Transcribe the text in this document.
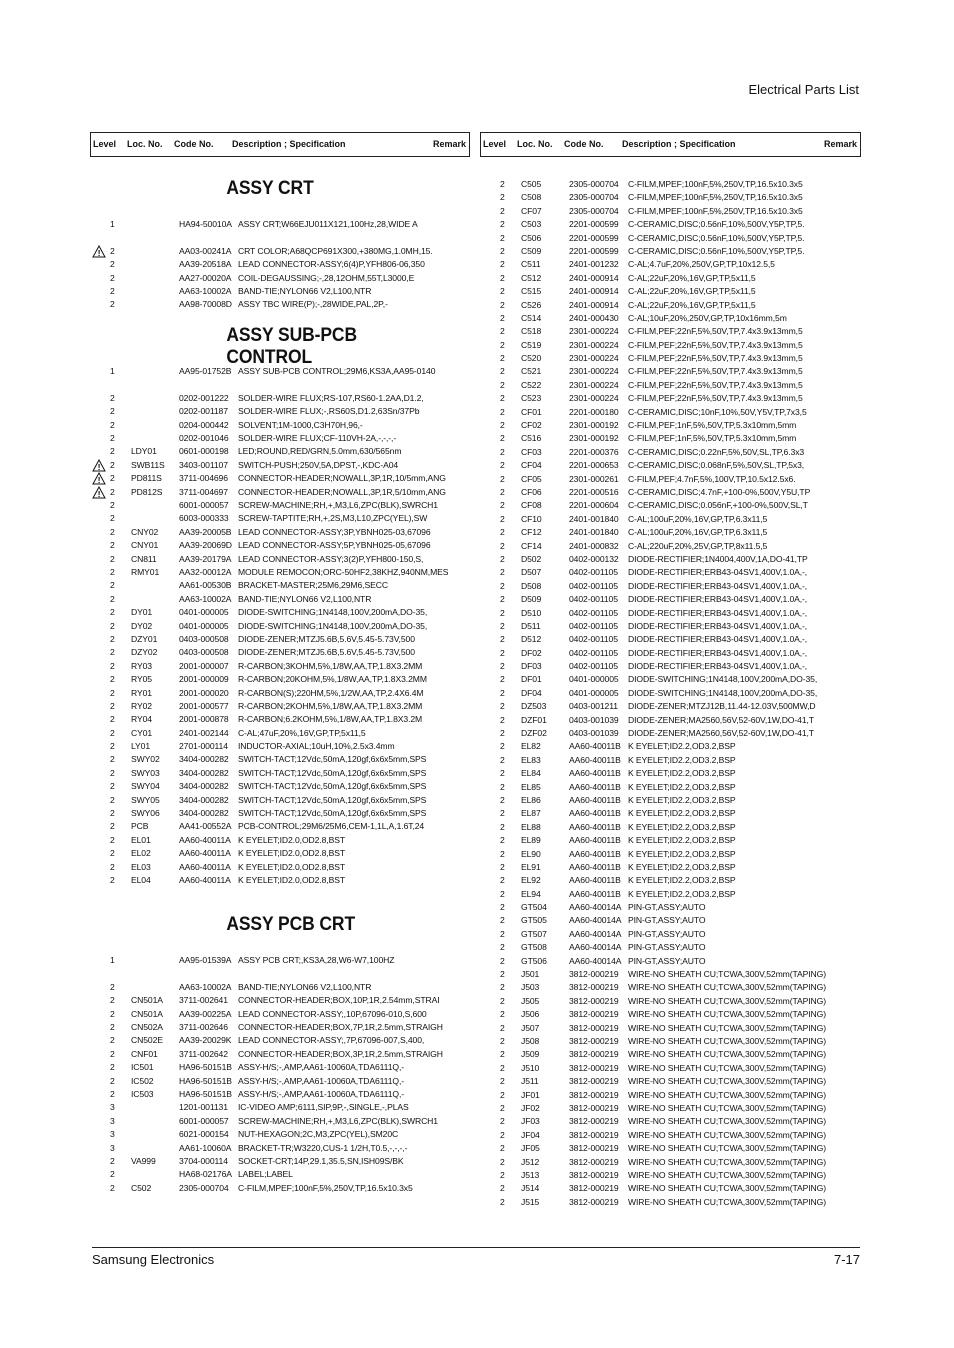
Electrical Parts List
Level Loc. No. Code No. Description ; Specification	Remark Level Loc. No. Code No. Description ; Specification	Remark
ASSY CRT
1	HA94-50010A ASSY CRT;W66EJU011X121,100Hz,28,WIDE A
! 2	AA03-00241A CRT COLOR;A68QCP691X300,+380MG,1.0MH,15.
2	AA39-20518A LEAD CONNECTOR-ASSY;6(4)P,YFH806-06,350
2	AA27-00020A COIL-DEGAUSSING;-,28,12OHM,55T,L3000,E
2	AA63-10002A BAND-TIE;NYLON66 V2,L100,NTR
2	AA98-70008D ASSY TBC WIRE(P);-,28WIDE,PAL,2P,-
ASSY SUB-PCB CONTROL
1	AA95-01752B ASSY SUB-PCB CONTROL;29M6,KS3A,AA95-0140
2	0202-001222 SOLDER-WIRE FLUX;RS-107,RS60-1.2AA,D1.2,
2	0202-001187 SOLDER-WIRE FLUX;-,RS60S,D1.2,63Sn/37Pb
2	0204-000442 SOLVENT;1M-1000,C3H70H,96,-
2	0202-001046 SOLDER-WIRE FLUX;CF-110VH-2A,-,-,-,-
2 LDY01	0601-000198 LED;ROUND,RED/GRN,5.0mm,630/565nm
! 2 SWB11S 3403-001107 SWITCH-PUSH;250V,5A,DPST,-,KDC-A04
! 2 PD811S 3711-004696 CONNECTOR-HEADER;NOWALL,3P,1R,10/5mm,ANG
! 2 PD812S 3711-004697 CONNECTOR-HEADER;NOWALL,3P,1R,5/10mm,ANG
2	6001-000057 SCREW-MACHINE;RH,+,M3,L6,ZPC(BLK),SWRCH1
2	6003-000333 SCREW-TAPTITE;RH,+,2S,M3,L10,ZPC(YEL),SW
2 CNY02 AA39-20005B LEAD CONNECTOR-ASSY;3P,YBNH025-03,67096
2 CNY01 AA39-20069D LEAD CONNECTOR-ASSY;5P,YBNH025-05,67096
2 CN811	AA39-20179A LEAD CONNECTOR-ASSY;3(2)P,YFH800-150,S,
2 RMY01 AA32-00012A MODULE REMOCON;ORC-50HF2,38KHZ,940NM,MES
2	AA61-00530B BRACKET-MASTER;25M6,29M6,SECC
2	AA63-10002A BAND-TIE;NYLON66 V2,L100,NTR
2 DY01	0401-000005 DIODE-SWITCHING;1N4148,100V,200mA,DO-35,
2 DY02	0401-000005 DIODE-SWITCHING;1N4148,100V,200mA,DO-35,
2 DZY01	0403-000508 DIODE-ZENER;MTZJ5.6B,5.6V,5.45-5.73V,500
2 DZY02	0403-000508 DIODE-ZENER;MTZJ5.6B,5.6V,5.45-5.73V,500
2 RY03	2001-000007 R-CARBON;3KOHM,5%,1/8W,AA,TP,1.8X3.2MM
2 RY05	2001-000009 R-CARBON;20KOHM,5%,1/8W,AA,TP,1.8X3.2MM
2 RY01	2001-000020 R-CARBON(S);220HM,5%,1/2W,AA,TP,2.4X6.4M
2 RY02	2001-000577 R-CARBON;2KOHM,5%,1/8W,AA,TP,1.8X3.2MM
2 RY04	2001-000878 R-CARBON;6.2KOHM,5%,1/8W,AA,TP,1.8X3.2M
2 CY01	2401-002144 C-AL;47uF,20%,16V,GP,TP,5x11,5
2 LY01	2701-000114 INDUCTOR-AXIAL;10uH,10%,2.5x3.4mm
2 SWY02 3404-000282 SWITCH-TACT;12Vdc,50mA,120gf,6x6x5mm,SPS
2 SWY03 3404-000282 SWITCH-TACT;12Vdc,50mA,120gf,6x6x5mm,SPS
2 SWY04 3404-000282 SWITCH-TACT;12Vdc,50mA,120gf,6x6x5mm,SPS
2 SWY05 3404-000282 SWITCH-TACT;12Vdc,50mA,120gf,6x6x5mm,SPS
2 SWY06 3404-000282 SWITCH-TACT;12Vdc,50mA,120gf,6x6x5mm,SPS
2 PCB	AA41-00552A PCB-CONTROL;29M6/25M6,CEM-1,1L,A,1.6T,24
2 EL01	AA60-40011A K EYELET;ID2.0,OD2.8,BST
2 EL02	AA60-40011A K EYELET;ID2.0,OD2.8,BST
2 EL03	AA60-40011A K EYELET;ID2.0,OD2.8,BST
2 EL04	AA60-40011A K EYELET;ID2.0,OD2.8,BST
ASSY PCB CRT
1	AA95-01539A ASSY PCB CRT;,KS3A,28,W6-W7,100HZ
2	AA63-10002A BAND-TIE;NYLON66 V2,L100,NTR
2 CN501A 3711-002641 CONNECTOR-HEADER;BOX,10P,1R,2.54mm,STRAI
2 CN501A AA39-00225A LEAD CONNECTOR-ASSY;,10P,67096-010,S,600
2 CN502A 3711-002646 CONNECTOR-HEADER;BOX,7P,1R,2.5mm,STRAIGH
2 CN502E AA39-20029K LEAD CONNECTOR-ASSY;,7P,67096-007,S,400,
2 CNF01 3711-002642 CONNECTOR-HEADER;BOX,3P,1R,2.5mm,STRAIGH
2 IC501	HA96-50151B ASSY-H/S;-,AMP,AA61-10060A,TDA6111Q,-
2 IC502	HA96-50151B ASSY-H/S;-,AMP,AA61-10060A,TDA6111Q,-
2 IC503	HA96-50151B ASSY-H/S;-,AMP,AA61-10060A,TDA6111Q,-
3	1201-001131 IC-VIDEO AMP;6111,SIP,9P,-,SINGLE,-,PLAS
3	6001-000057 SCREW-MACHINE;RH,+,M3,L6,ZPC(BLK),SWRCH1
3	6021-000154 NUT-HEXAGON;2C,M3,ZPC(YEL),SM20C
3	AA61-10060A BRACKET-TR;W3220,CUS-1 1/2H,T0.5,-,-,-,-
2 VA999	3704-000114 SOCKET-CRT;14P,29.1,35.5,SN,ISH09S/BK
2	HA68-02176A LABEL;LABEL
2 C502	2305-000704 C-FILM,MPEF;100nF,5%,250V,TP,16.5x10.3x5
2 C505	2305-000704 C-FILM,MPEF;100nF,5%,250V,TP,16.5x10.3x5
2 C508	2305-000704 C-FILM,MPEF;100nF,5%,250V,TP,16.5x10.3x5
2 CF07	2305-000704 C-FILM,MPEF;100nF,5%,250V,TP,16.5x10.3x5
2 C503	2201-000599 C-CERAMIC,DISC;0.56nF,10%,500V,Y5P,TP,5.
2 C506	2201-000599 C-CERAMIC,DISC;0.56nF,10%,500V,Y5P,TP,5.
2 C509	2201-000599 C-CERAMIC,DISC;0.56nF,10%,500V,Y5P,TP,5.
2 C511	2401-001232 C-AL;4.7uF,20%,250V,GP,TP,10x12.5,5
2 C512	2401-000914 C-AL;22uF,20%,16V,GP,TP,5x11,5
2 C515	2401-000914 C-AL;22uF,20%,16V,GP,TP,5x11,5
2 C526	2401-000914 C-AL;22uF,20%,16V,GP,TP,5x11,5
2 C514	2401-000430 C-AL;10uF,20%,250V,GP,TP,10x16mm,5m
2 C518	2301-000224 C-FILM,PEF;22nF,5%,50V,TP,7.4x3.9x13mm,5
2 C519	2301-000224 C-FILM,PEF;22nF,5%,50V,TP,7.4x3.9x13mm,5
2 C520	2301-000224 C-FILM,PEF;22nF,5%,50V,TP,7.4x3.9x13mm,5
2 C521	2301-000224 C-FILM,PEF;22nF,5%,50V,TP,7.4x3.9x13mm,5
2 C522	2301-000224 C-FILM,PEF;22nF,5%,50V,TP,7.4x3.9x13mm,5
2 C523	2301-000224 C-FILM,PEF;22nF,5%,50V,TP,7.4x3.9x13mm,5
2 CF01	2201-000180 C-CERAMIC,DISC;10nF,10%,50V,Y5V,TP,7x3,5
2 CF02	2301-000192 C-FILM,PEF;1nF,5%,50V,TP,5.3x10mm,5mm
2 C516	2301-000192 C-FILM,PEF;1nF,5%,50V,TP,5.3x10mm,5mm
2 CF03	2201-000376 C-CERAMIC,DISC;0.22nF,5%,50V,SL,TP,6.3x3
2 CF04	2201-000653 C-CERAMIC,DISC;0.068nF,5%,50V,SL,TP,5x3,
2 CF05	2301-000261 C-FILM,PEF;4.7nF,5%,100V,TP,10.5x12.5x6.
2 CF06	2201-000516 C-CERAMIC,DISC;4.7nF,+100-0%,500V,Y5U,TP
2 CF08	2201-000604 C-CERAMIC,DISC;0.056nF,+100-0%,500V,SL,T
2 CF10	2401-001840 C-AL;100uF,20%,16V,GP,TP,6.3x11,5
2 CF12	2401-001840 C-AL;100uF,20%,16V,GP,TP,6.3x11,5
2 CF14	2401-000832 C-AL;220uF,20%,25V,GP,TP,8x11.5,5
2 D502	0402-000132 DIODE-RECTIFIER;1N4004,400V,1A,DO-41,TP
2 D507	0402-001105 DIODE-RECTIFIER;ERB43-04SV1,400V,1.0A,-,
2 D508	0402-001105 DIODE-RECTIFIER;ERB43-04SV1,400V,1.0A,-,
2 D509	0402-001105 DIODE-RECTIFIER;ERB43-04SV1,400V,1.0A,-,
2 D510	0402-001105 DIODE-RECTIFIER;ERB43-04SV1,400V,1.0A,-,
2 D511	0402-001105 DIODE-RECTIFIER;ERB43-04SV1,400V,1.0A,-,
2 D512	0402-001105 DIODE-RECTIFIER;ERB43-04SV1,400V,1.0A,-,
2 DF02	0402-001105 DIODE-RECTIFIER;ERB43-04SV1,400V,1.0A,-,
2 DF03	0402-001105 DIODE-RECTIFIER;ERB43-04SV1,400V,1.0A,-,
2 DF01	0401-000005 DIODE-SWITCHING;1N4148,100V,200mA,DO-35,
2 DF04	0401-000005 DIODE-SWITCHING;1N4148,100V,200mA,DO-35,
2 DZ503	0403-001211 DIODE-ZENER;MTZJ12B,11.44-12.03V,500MW,D
2 DZF01	0403-001039 DIODE-ZENER;MA2560,56V,52-60V,1W,DO-41,T
2 DZF02	0403-001039 DIODE-ZENER;MA2560,56V,52-60V,1W,DO-41,T
2 EL82	AA60-40011B K EYELET;ID2.2,OD3.2,BSP
2 EL83	AA60-40011B K EYELET;ID2.2,OD3.2,BSP
2 EL84	AA60-40011B K EYELET;ID2.2,OD3.2,BSP
2 EL85	AA60-40011B K EYELET;ID2.2,OD3.2,BSP
2 EL86	AA60-40011B K EYELET;ID2.2,OD3.2,BSP
2 EL87	AA60-40011B K EYELET;ID2.2,OD3.2,BSP
2 EL88	AA60-40011B K EYELET;ID2.2,OD3.2,BSP
2 EL89	AA60-40011B K EYELET;ID2.2,OD3.2,BSP
2 EL90	AA60-40011B K EYELET;ID2.2,OD3.2,BSP
2 EL91	AA60-40011B K EYELET;ID2.2,OD3.2,BSP
2 EL92	AA60-40011B K EYELET;ID2.2,OD3.2,BSP
2 EL94	AA60-40011B K EYELET;ID2.2,OD3.2,BSP
2 GT504	AA60-40014A PIN-GT,ASSY;AUTO
2 GT505	AA60-40014A PIN-GT,ASSY;AUTO
2 GT507	AA60-40014A PIN-GT,ASSY;AUTO
2 GT508	AA60-40014A PIN-GT,ASSY;AUTO
2 GT506	AA60-40014A PIN-GT,ASSY;AUTO
2 J501	3812-000219 WIRE-NO SHEATH CU;TCWA,300V,52mm(TAPING)
2 J503	3812-000219 WIRE-NO SHEATH CU;TCWA,300V,52mm(TAPING)
2 J505	3812-000219 WIRE-NO SHEATH CU;TCWA,300V,52mm(TAPING)
2 J506	3812-000219 WIRE-NO SHEATH CU;TCWA,300V,52mm(TAPING)
2 J507	3812-000219 WIRE-NO SHEATH CU;TCWA,300V,52mm(TAPING)
2 J508	3812-000219 WIRE-NO SHEATH CU;TCWA,300V,52mm(TAPING)
2 J509	3812-000219 WIRE-NO SHEATH CU;TCWA,300V,52mm(TAPING)
2 J510	3812-000219 WIRE-NO SHEATH CU;TCWA,300V,52mm(TAPING)
2 J511	3812-000219 WIRE-NO SHEATH CU;TCWA,300V,52mm(TAPING)
2 JF01	3812-000219 WIRE-NO SHEATH CU;TCWA,300V,52mm(TAPING)
2 JF02	3812-000219 WIRE-NO SHEATH CU;TCWA,300V,52mm(TAPING)
2 JF03	3812-000219 WIRE-NO SHEATH CU;TCWA,300V,52mm(TAPING)
2 JF04	3812-000219 WIRE-NO SHEATH CU;TCWA,300V,52mm(TAPING)
2 JF05	3812-000219 WIRE-NO SHEATH CU;TCWA,300V,52mm(TAPING)
2 J512	3812-000219 WIRE-NO SHEATH CU;TCWA,300V,52mm(TAPING)
2 J513	3812-000219 WIRE-NO SHEATH CU;TCWA,300V,52mm(TAPING)
2 J514	3812-000219 WIRE-NO SHEATH CU;TCWA,300V,52mm(TAPING)
2 J515	3812-000219 WIRE-NO SHEATH CU;TCWA,300V,52mm(TAPING)
Samsung Electronics	7-17
